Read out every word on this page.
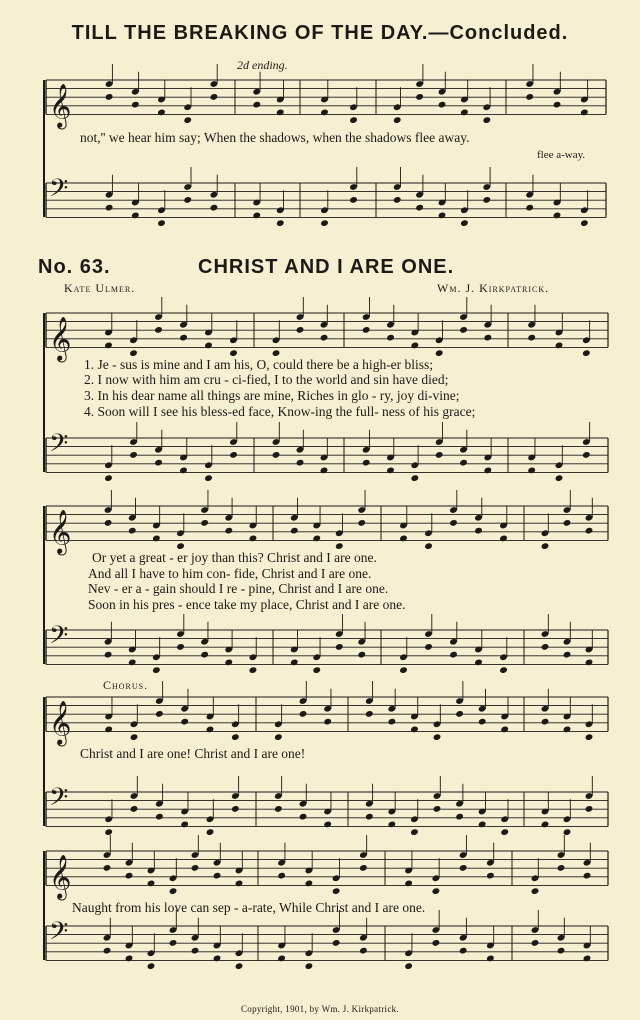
TILL THE BREAKING OF THE DAY.—Concluded.
2d ending.
not,'' we hear him say; When the shadows, when the shadows flee away.
flee a-way.
No. 63.	CHRIST AND I ARE ONE.
Kate Ulmer.	Wm. J. Kirkpatrick.
1. Je - sus is mine and I am his, O, could there be a high-er bliss;
2. I now with him am cru - ci-fied, I to the world and sin have died;
3. In his dear name all things are mine, Riches in glo - ry, joy di-vine;
4. Soon will I see his bless-ed face, Know-ing the full- ness of his grace;
Or yet a great - er joy than this? Christ and I are one.
And all I have to him con- fide, Christ and I are one.
Nev - er a - gain should I re - pine, Christ and I are one.
Soon in his pres - ence take my place, Christ and I are one.
Chorus.
Christ and I are one! Christ and I are one!
Naught from his love can sep - a-rate, While Christ and I are one.
Copyright, 1901, by Wm. J. Kirkpatrick.
𝄞
𝄢
𝄞
𝄢
𝄞
𝄢
𝄞
𝄢
𝄞
𝄢
